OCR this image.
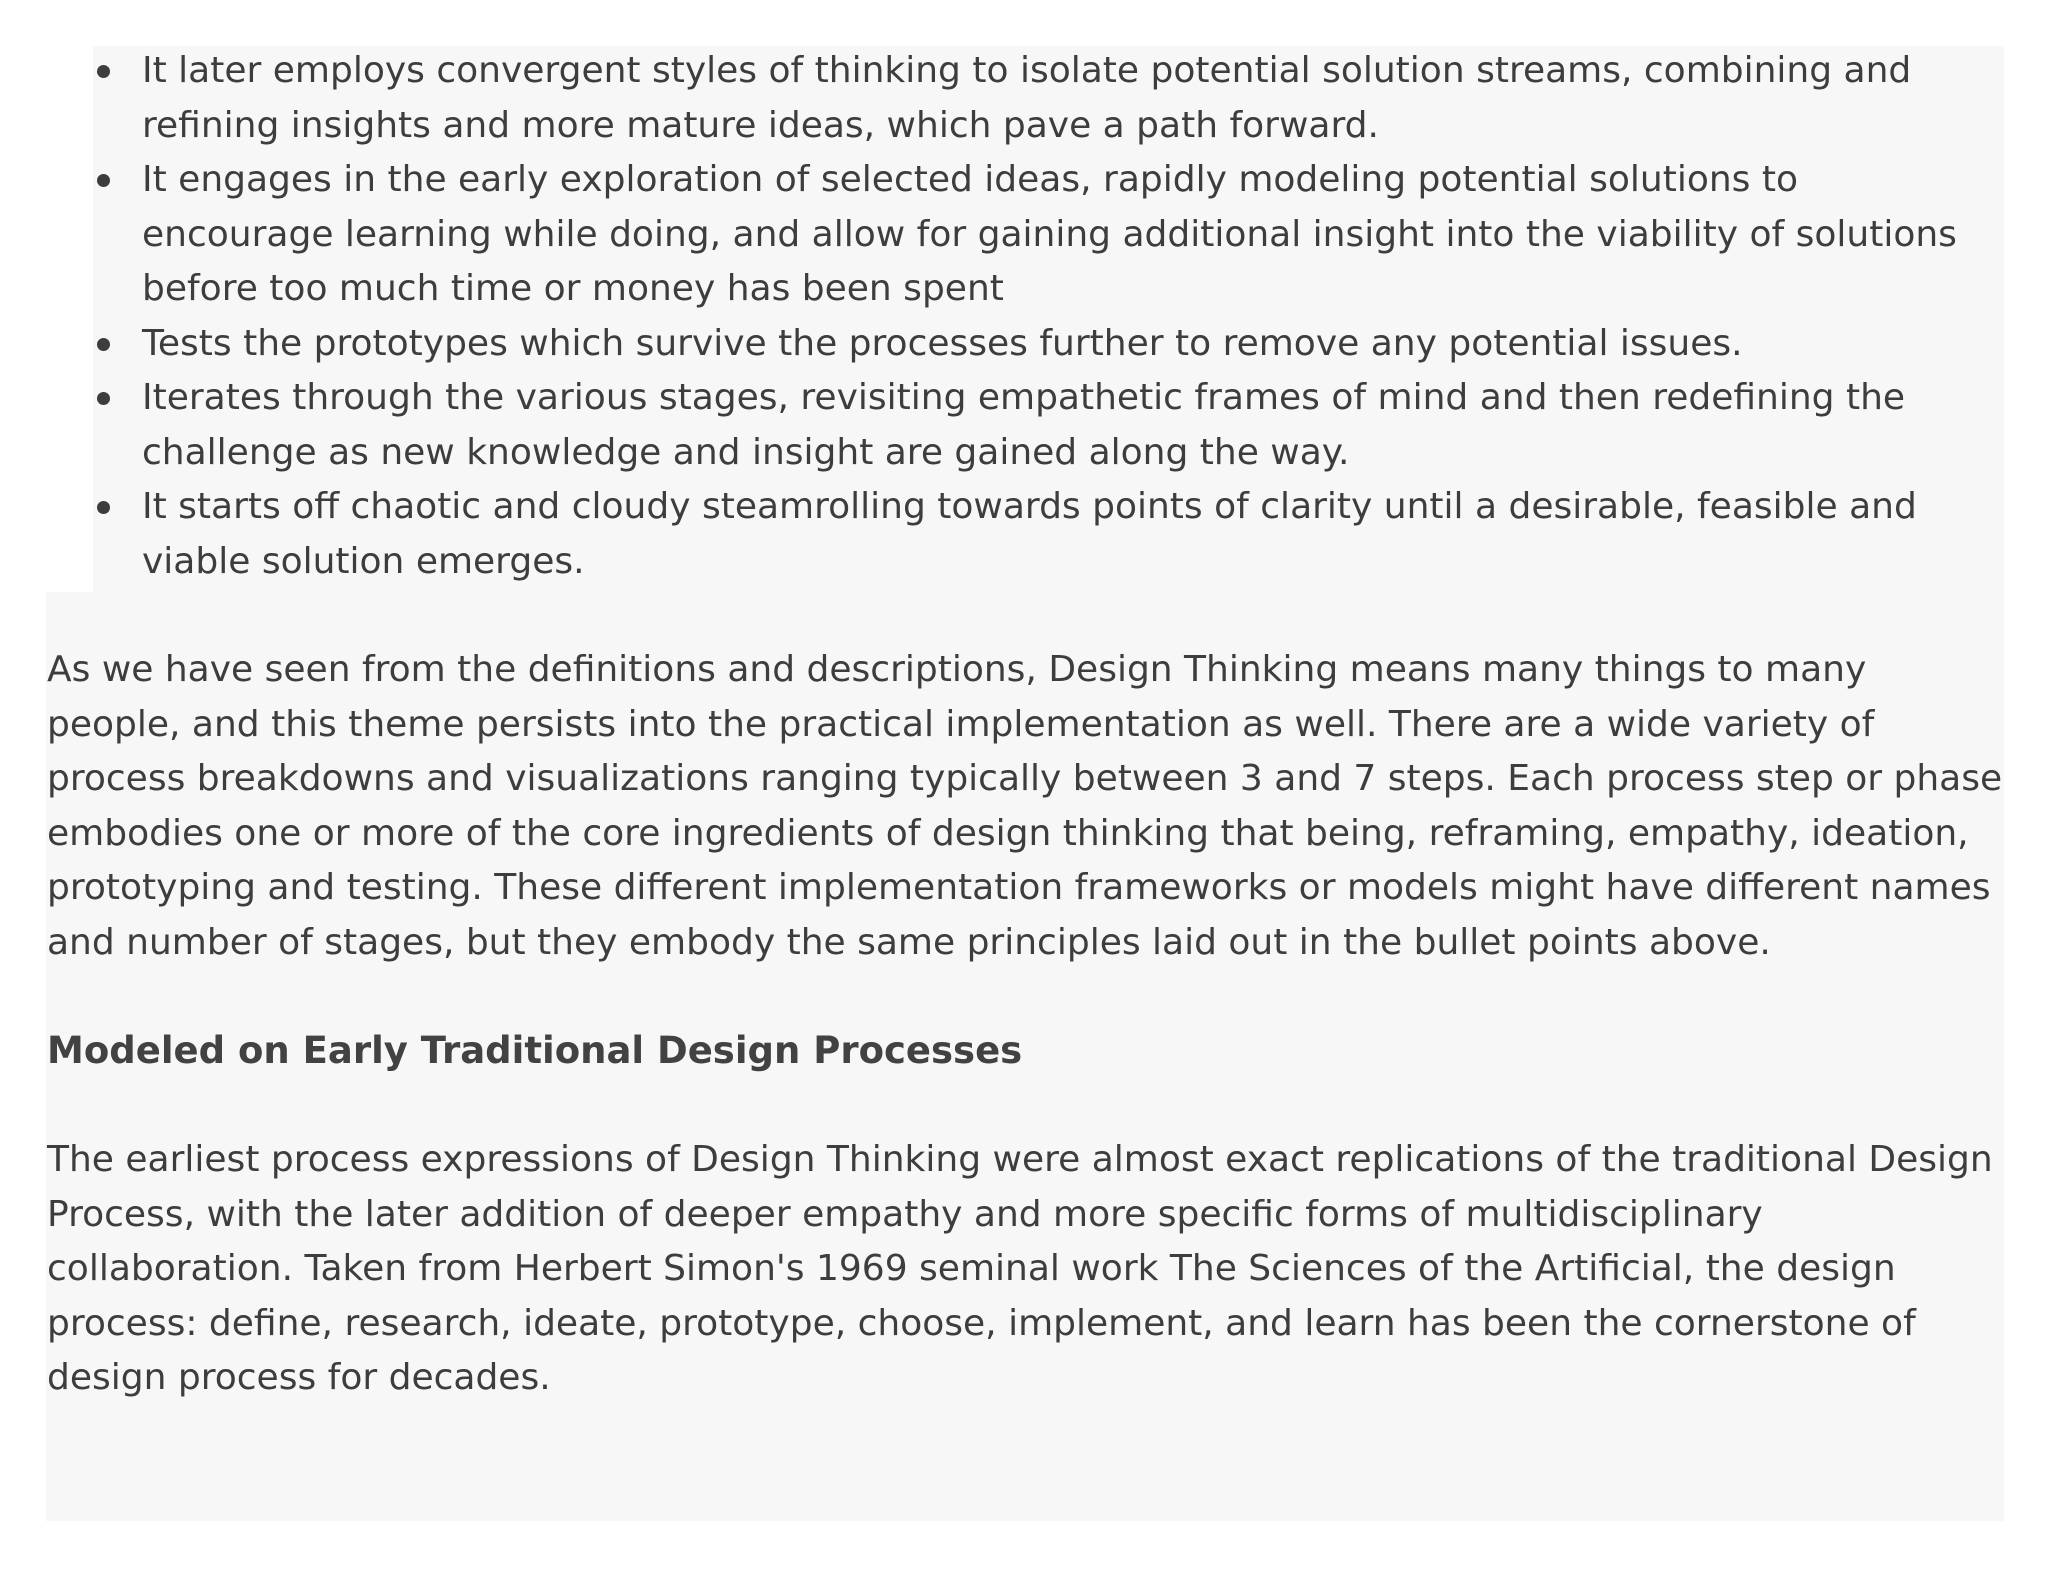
It later employs convergent styles of thinking to isolate potential solution streams, combining and refining insights and more mature ideas, which pave a path forward.
It engages in the early exploration of selected ideas, rapidly modeling potential solutions to encourage learning while doing, and allow for gaining additional insight into the viability of solutions before too much time or money has been spent
Tests the prototypes which survive the processes further to remove any potential issues.
Iterates through the various stages, revisiting empathetic frames of mind and then redefining the challenge as new knowledge and insight are gained along the way.
It starts off chaotic and cloudy steamrolling towards points of clarity until a desirable, feasible and viable solution emerges.

As we have seen from the definitions and descriptions, Design Thinking means many things to many people, and this theme persists into the practical implementation as well. There are a wide variety of process breakdowns and visualizations ranging typically between 3 and 7 steps. Each process step or phase embodies one or more of the core ingredients of design thinking that being, reframing, empathy, ideation, prototyping and testing. These different implementation frameworks or models might have different names and number of stages, but they embody the same principles laid out in the bullet points above.

Modeled on Early Traditional Design Processes

The earliest process expressions of Design Thinking were almost exact replications of the traditional Design Process, with the later addition of deeper empathy and more specific forms of multidisciplinary collaboration. Taken from Herbert Simon's 1969 seminal work The Sciences of the Artificial, the design process: define, research, ideate, prototype, choose, implement, and learn has been the cornerstone of design process for decades.
